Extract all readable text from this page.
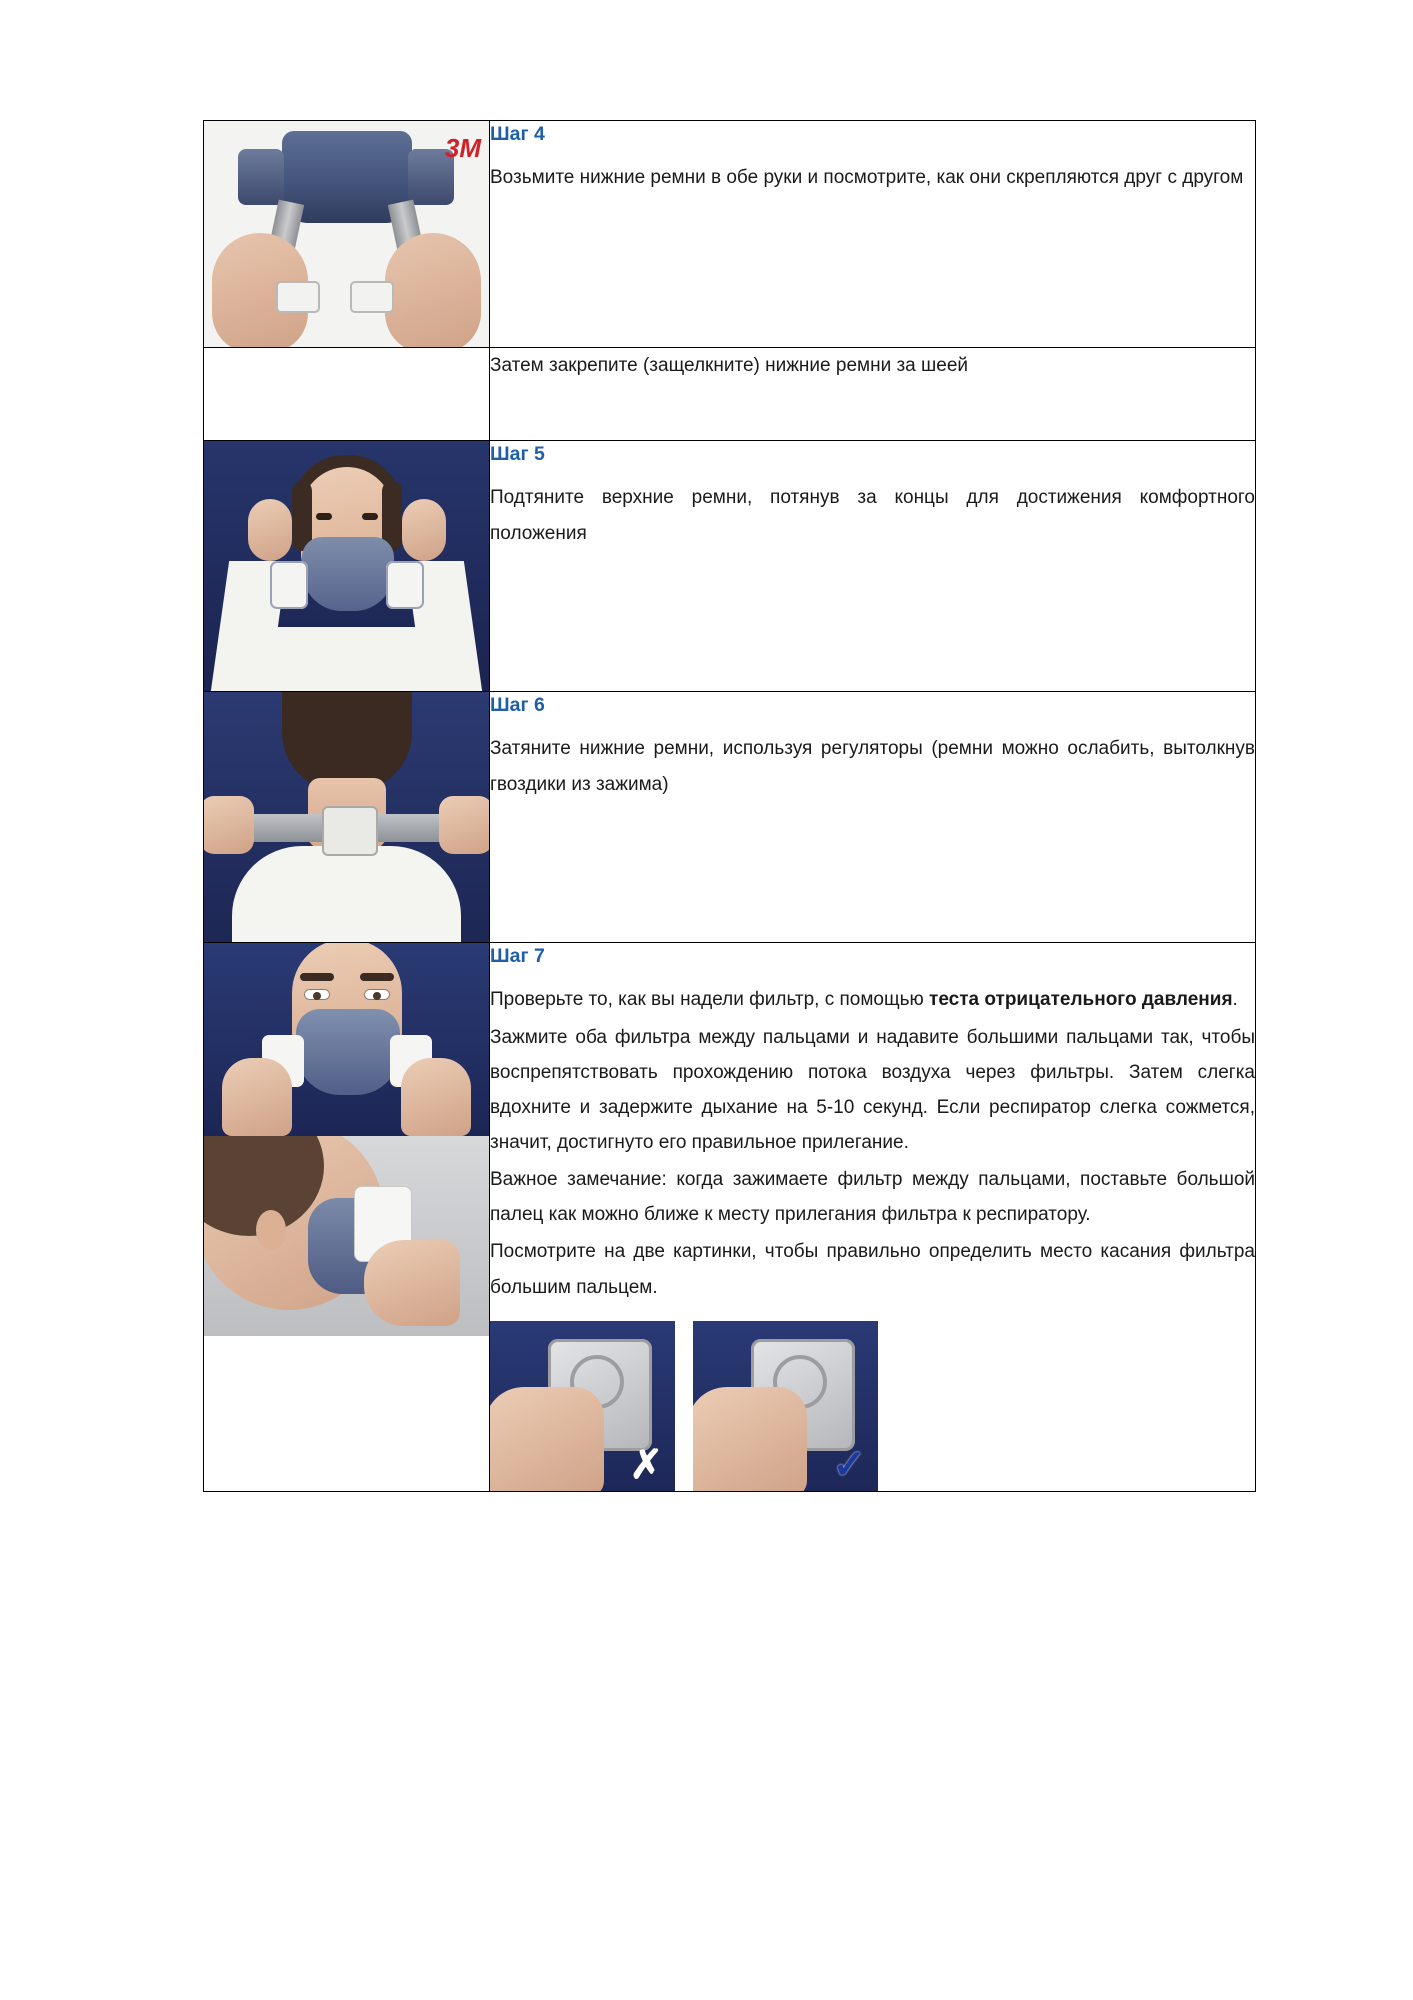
3M	Шаг 4

Возьмите нижние ремни в обе руки и посмотрите, как они скрепляются друг с другом

	Затем закрепите (защелкните) нижние ремни за шеей

	Шаг 5

Подтяните верхние ремни, потянув за концы для достижения комфортного положения

	Шаг 6

Затяните нижние ремни, используя регуляторы (ремни можно ослабить, вытолкнув гвоздики из зажима)

Шаг 7

Проверьте то, как вы надели фильтр, с помощью теста отрицательного давления.

Зажмите оба фильтра между пальцами и надавите большими пальцами так, чтобы воспрепятствовать прохождению потока воздуха через фильтры. Затем слегка вдохните и задержите дыхание на 5-10 секунд. Если респиратор слегка сожмется, значит, достигнуто его правильное прилегание.

Важное замечание: когда зажимаете фильтр между пальцами, поставьте большой палец как можно ближе к месту прилегания фильтра к респиратору.

Посмотрите на две картинки, чтобы правильно определить место касания фильтра большим пальцем.

✗	✓
